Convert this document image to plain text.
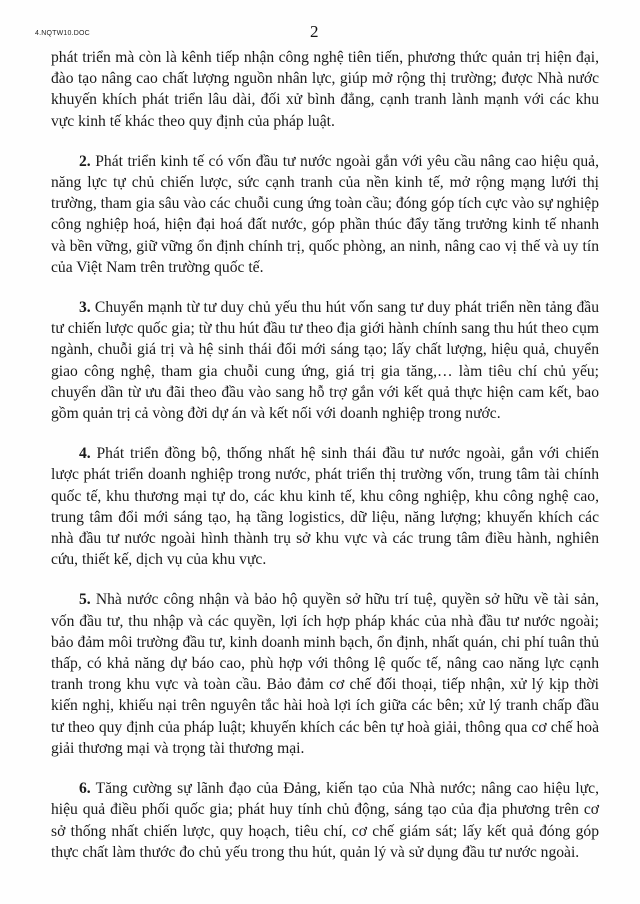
4.NQTW10.DOC	2

phát triển mà còn là kênh tiếp nhận công nghệ tiên tiến, phương thức quản trị hiện đại, đào tạo nâng cao chất lượng nguồn nhân lực, giúp mở rộng thị trường; được Nhà nước khuyến khích phát triển lâu dài, đối xử bình đẳng, cạnh tranh lành mạnh với các khu vực kinh tế khác theo quy định của pháp luật.

2. Phát triển kinh tế có vốn đầu tư nước ngoài gắn với yêu cầu nâng cao hiệu quả, năng lực tự chủ chiến lược, sức cạnh tranh của nền kinh tế, mở rộng mạng lưới thị trường, tham gia sâu vào các chuỗi cung ứng toàn cầu; đóng góp tích cực vào sự nghiệp công nghiệp hoá, hiện đại hoá đất nước, góp phần thúc đẩy tăng trưởng kinh tế nhanh và bền vững, giữ vững ổn định chính trị, quốc phòng, an ninh, nâng cao vị thế và uy tín của Việt Nam trên trường quốc tế.

3. Chuyển mạnh từ tư duy chủ yếu thu hút vốn sang tư duy phát triển nền tảng đầu tư chiến lược quốc gia; từ thu hút đầu tư theo địa giới hành chính sang thu hút theo cụm ngành, chuỗi giá trị và hệ sinh thái đổi mới sáng tạo; lấy chất lượng, hiệu quả, chuyển giao công nghệ, tham gia chuỗi cung ứng, giá trị gia tăng,… làm tiêu chí chủ yếu; chuyển dần từ ưu đãi theo đầu vào sang hỗ trợ gắn với kết quả thực hiện cam kết, bao gồm quản trị cả vòng đời dự án và kết nối với doanh nghiệp trong nước.

4. Phát triển đồng bộ, thống nhất hệ sinh thái đầu tư nước ngoài, gắn với chiến lược phát triển doanh nghiệp trong nước, phát triển thị trường vốn, trung tâm tài chính quốc tế, khu thương mại tự do, các khu kinh tế, khu công nghiệp, khu công nghệ cao, trung tâm đổi mới sáng tạo, hạ tầng logistics, dữ liệu, năng lượng; khuyến khích các nhà đầu tư nước ngoài hình thành trụ sở khu vực và các trung tâm điều hành, nghiên cứu, thiết kế, dịch vụ của khu vực.

5. Nhà nước công nhận và bảo hộ quyền sở hữu trí tuệ, quyền sở hữu về tài sản, vốn đầu tư, thu nhập và các quyền, lợi ích hợp pháp khác của nhà đầu tư nước ngoài; bảo đảm môi trường đầu tư, kinh doanh minh bạch, ổn định, nhất quán, chi phí tuân thủ thấp, có khả năng dự báo cao, phù hợp với thông lệ quốc tế, nâng cao năng lực cạnh tranh trong khu vực và toàn cầu. Bảo đảm cơ chế đối thoại, tiếp nhận, xử lý kịp thời kiến nghị, khiếu nại trên nguyên tắc hài hoà lợi ích giữa các bên; xử lý tranh chấp đầu tư theo quy định của pháp luật; khuyến khích các bên tự hoà giải, thông qua cơ chế hoà giải thương mại và trọng tài thương mại.

6. Tăng cường sự lãnh đạo của Đảng, kiến tạo của Nhà nước; nâng cao hiệu lực, hiệu quả điều phối quốc gia; phát huy tính chủ động, sáng tạo của địa phương trên cơ sở thống nhất chiến lược, quy hoạch, tiêu chí, cơ chế giám sát; lấy kết quả đóng góp thực chất làm thước đo chủ yếu trong thu hút, quản lý và sử dụng đầu tư nước ngoài.
